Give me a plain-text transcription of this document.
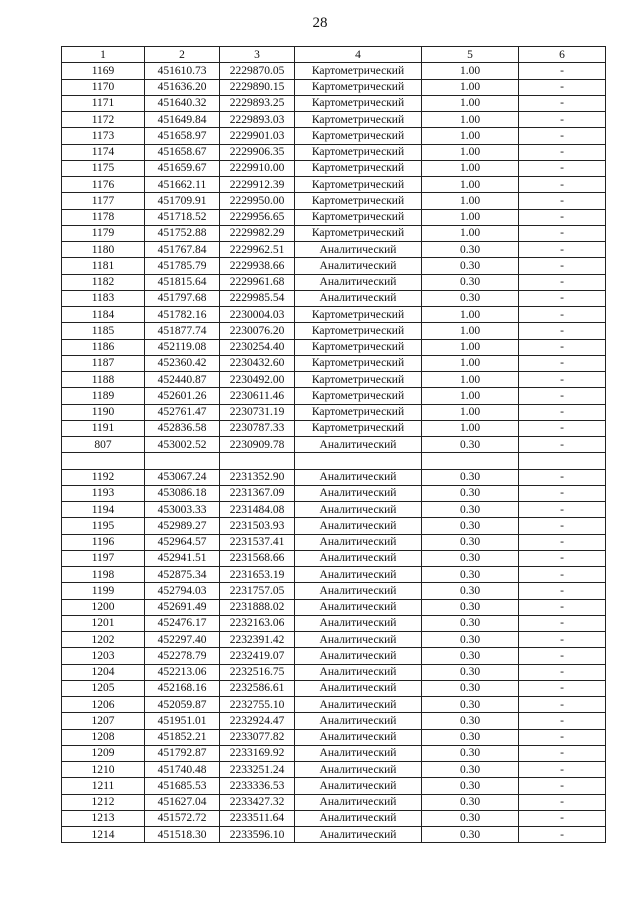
28
1	2	3	4	5	6
1169	451610.73	2229870.05	Картометрический	1.00	-
1170	451636.20	2229890.15	Картометрический	1.00	-
1171	451640.32	2229893.25	Картометрический	1.00	-
1172	451649.84	2229893.03	Картометрический	1.00	-
1173	451658.97	2229901.03	Картометрический	1.00	-
1174	451658.67	2229906.35	Картометрический	1.00	-
1175	451659.67	2229910.00	Картометрический	1.00	-
1176	451662.11	2229912.39	Картометрический	1.00	-
1177	451709.91	2229950.00	Картометрический	1.00	-
1178	451718.52	2229956.65	Картометрический	1.00	-
1179	451752.88	2229982.29	Картометрический	1.00	-
1180	451767.84	2229962.51	Аналитический	0.30	-
1181	451785.79	2229938.66	Аналитический	0.30	-
1182	451815.64	2229961.68	Аналитический	0.30	-
1183	451797.68	2229985.54	Аналитический	0.30	-
1184	451782.16	2230004.03	Картометрический	1.00	-
1185	451877.74	2230076.20	Картометрический	1.00	-
1186	452119.08	2230254.40	Картометрический	1.00	-
1187	452360.42	2230432.60	Картометрический	1.00	-
1188	452440.87	2230492.00	Картометрический	1.00	-
1189	452601.26	2230611.46	Картометрический	1.00	-
1190	452761.47	2230731.19	Картометрический	1.00	-
1191	452836.58	2230787.33	Картометрический	1.00	-
807	453002.52	2230909.78	Аналитический	0.30	-

1192	453067.24	2231352.90	Аналитический	0.30	-
1193	453086.18	2231367.09	Аналитический	0.30	-
1194	453003.33	2231484.08	Аналитический	0.30	-
1195	452989.27	2231503.93	Аналитический	0.30	-
1196	452964.57	2231537.41	Аналитический	0.30	-
1197	452941.51	2231568.66	Аналитический	0.30	-
1198	452875.34	2231653.19	Аналитический	0.30	-
1199	452794.03	2231757.05	Аналитический	0.30	-
1200	452691.49	2231888.02	Аналитический	0.30	-
1201	452476.17	2232163.06	Аналитический	0.30	-
1202	452297.40	2232391.42	Аналитический	0.30	-
1203	452278.79	2232419.07	Аналитический	0.30	-
1204	452213.06	2232516.75	Аналитический	0.30	-
1205	452168.16	2232586.61	Аналитический	0.30	-
1206	452059.87	2232755.10	Аналитический	0.30	-
1207	451951.01	2232924.47	Аналитический	0.30	-
1208	451852.21	2233077.82	Аналитический	0.30	-
1209	451792.87	2233169.92	Аналитический	0.30	-
1210	451740.48	2233251.24	Аналитический	0.30	-
1211	451685.53	2233336.53	Аналитический	0.30	-
1212	451627.04	2233427.32	Аналитический	0.30	-
1213	451572.72	2233511.64	Аналитический	0.30	-
1214	451518.30	2233596.10	Аналитический	0.30	-
